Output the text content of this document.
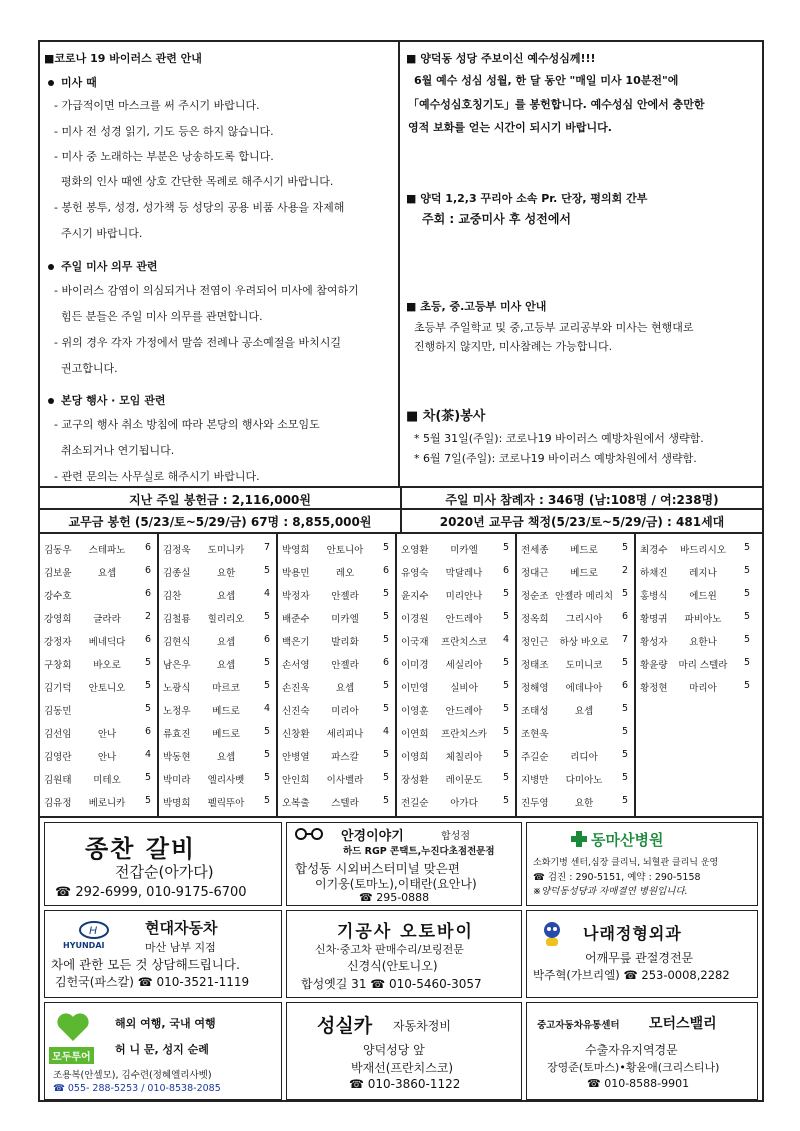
■코로나 19 바이러스 관련 안내
미사 때
- 가급적이면 마스크를 써 주시기 바랍니다.
- 미사 전 성경 읽기, 기도 등은 하지 않습니다.
- 미사 중 노래하는 부분은 낭송하도록 합니다.
평화의 인사 때엔 상호 간단한 목례로 해주시기 바랍니다.
- 봉헌 봉투, 성경, 성가책 등 성당의 공용 비품 사용을 자제해
주시기 바랍니다.
주일 미사 의무 관련
- 바이러스 감염이 의심되거나 전염이 우려되어 미사에 참여하기
힘든 분들은 주일 미사 의무를 관면합니다.
- 위의 경우 각자 가정에서 말씀 전례나 공소예절을 바치시길
권고합니다.
본당 행사 · 모임 관련
- 교구의 행사 취소 방침에 따라 본당의 행사와 소모임도
취소되거나 연기됩니다.
- 관련 문의는 사무실로 해주시기 바랍니다.
■ 양덕동 성당 주보이신 예수성심께!!!
6월 예수 성심 성월, 한 달 동안 "매일 미사 10분전"에
「예수성심호칭기도」를 봉헌합니다. 예수성심 안에서 충만한
영적 보화를 얻는 시간이 되시기 바랍니다.
■ 양덕 1,2,3 꾸리아 소속 Pr. 단장, 평의회 간부
주회 : 교중미사 후 성전에서
■ 초등, 중.고등부 미사 안내
초등부 주일학교 및 중,고등부 교리공부와 미사는 현행대로
진행하지 않지만, 미사참례는 가능합니다.
■ 차(茶)봉사
* 5월 31일(주일): 코로나19 바이러스 예방차원에서 생략함.
* 6월 7일(주일): 코로나19 바이러스 예방차원에서 생략함.
지난 주일 봉헌금 : 2,116,000원	주일 미사 참례자 : 346명 (남:108명 / 여:238명)
교무금 봉헌 (5/23/토~5/29/금) 67명 : 8,855,000원	2020년 교무금 책정(5/23/토~5/29/금) : 481세대
김동우	스테파노	6
김보윤	요셉	6
강수호	6
강영희	글라라	2
강정자	베네딕다	6
구창회	바오로	5
김기덕	안토니오	5
김동민	5
김선임	안나	6
김영란	안나	4
김원태	미테오	5
김유정	베로니카	5
김정욱	도미니카	7
김종실	요한	5
김찬	요셉	4
김철룡	힐리리오	5
김현식	요셉	6
남은우	요셉	5
노광식	마르코	5
노정우	베드로	4
류효진	베드로	5
박동현	요셉	5
박미라	엘리사벳	5
박명희	펠릭뚜아	5
박영희	안토니아	5
박용민	레오	6
박정자	안젤라	5
배준수	미카엘	5
백은기	발리화	5
손서영	안젤라	6
손진욱	요셉	5
신진숙	미리아	5
신창환	세리피나	4
안병열	파스칼	5
안인희	이사벨라	5
오복출	스텔라	5
오영환	미카엘	5
유영숙	막달레나	6
윤지수	미리안나	5
이경원	안드레아	5
이국재	프란치스코	4
이미경	세실리아	5
이민영	실비아	5
이영훈	안드레아	5
이연희	프란치스카	5
이영희	체칠리아	5
장성환	레이문도	5
전길순	아가다	5
전세종	베드로	5
정대근	베드로	2
정순조 안젤라 메리치 5
정옥희	그리시아	6
정인근	하상 바오로	7
정태조	도미니코	5
정해영	에데나아	6
조태성	요셉	5
조현욱	5
주길순	리디아	5
지병만	다미아노	5
진두영	요한	5
최경수	바드리시오	5
하채진	레지나	5
홍병식	에드윈	5
황명귀	파비아노	5
황성자	요한나	5
황윤량	마리 스텔라	5
황정현	마리아	5
종찬 갈비
전갑순(아가다)
☎ 292-6999, 010-9175-6700
안경이야기	합성점
하드 RGP 콘택트,누진다초점전문점
합성동 시외버스터미널 맞은편
이기웅(토마노),이태란(요안나)
☎ 295-0888
동마산병원
소화기병 센터,심장 클리닉, 뇌혈관 클리닉 운영
☎ 검진 : 290-5151, 예약 : 290-5158
※양덕동성당과 자매결연 병원입니다.
H
HYUNDAI
현대자동차
마산 남부 지점
차에 관한 모든 것 상담해드립니다.
김헌국(파스칼) ☎ 010-3521-1119
기공사 오토바이
신차·중고차 판매수리/보링전문
신경식(안토니오)
합성옛길 31 ☎ 010-5460-3057
나래정형외과
어깨무릎 관절경전문
박주혁(가브리엘) ☎ 253-0008,2282
모두투어
해외 여행, 국내 여행
허 니 문, 성지 순례
조용복(안셀모), 김수련(정혜엘리사벳)
☎ 055- 288-5253 / 010-8538-2085
성실카 자동차정비
양덕성당 앞
박재선(프란치스코)
☎ 010-3860-1122
중고자동차유통센터 모터스밸리
수출자유지역경문
장영준(토마스)•황윤애(크리스티나)
☎ 010-8588-9901
